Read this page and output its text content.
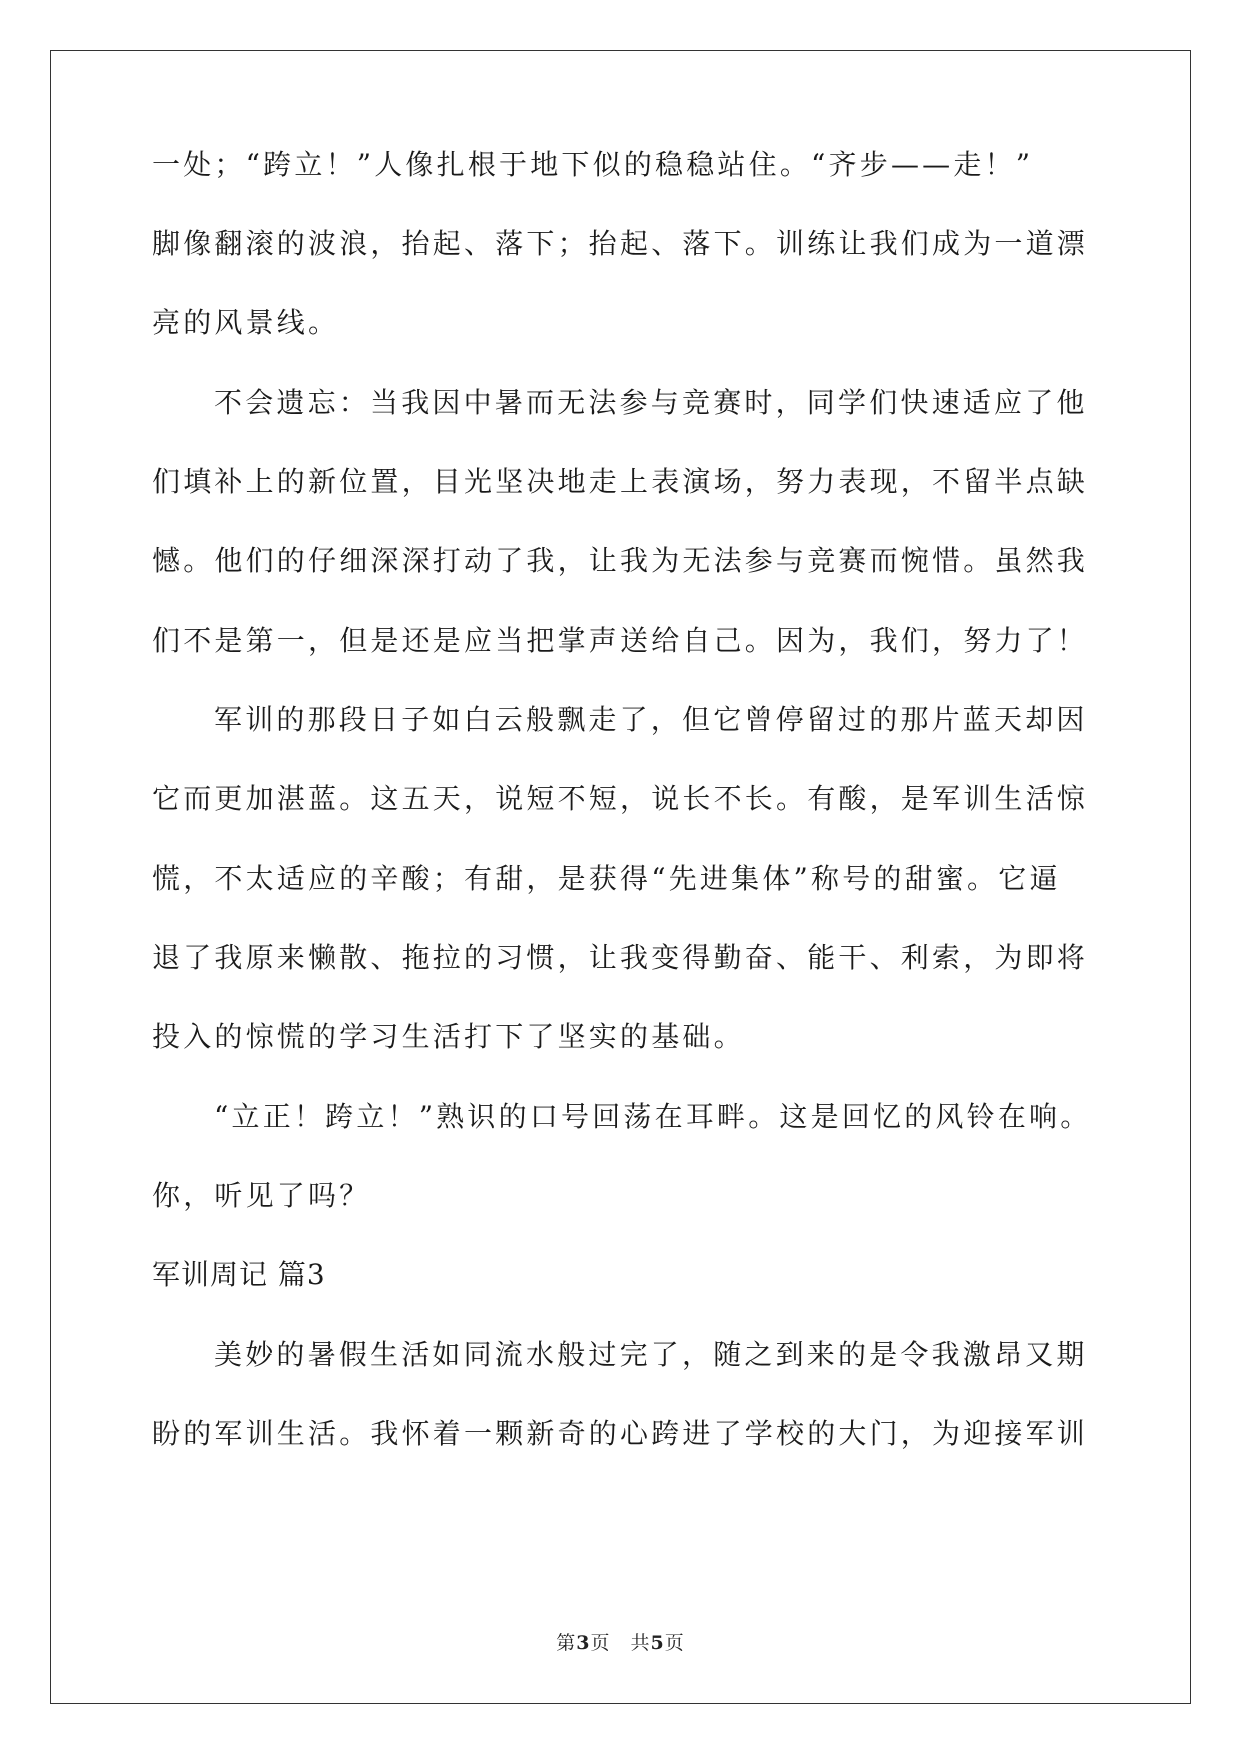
一处；“跨立！”人像扎根于地下似的稳稳站住。“齐步——走！”
脚像翻滚的波浪，抬起、落下；抬起、落下。训练让我们成为一道漂
亮的风景线。
不会遗忘：当我因中暑而无法参与竞赛时，同学们快速适应了他
们填补上的新位置，目光坚决地走上表演场，努力表现，不留半点缺
憾。他们的仔细深深打动了我，让我为无法参与竞赛而惋惜。虽然我
们不是第一，但是还是应当把掌声送给自己。因为，我们，努力了！
军训的那段日子如白云般飘走了，但它曾停留过的那片蓝天却因
它而更加湛蓝。这五天，说短不短，说长不长。有酸，是军训生活惊
慌，不太适应的辛酸；有甜，是获得“先进集体”称号的甜蜜。它逼
退了我原来懒散、拖拉的习惯，让我变得勤奋、能干、利索，为即将
投入的惊慌的学习生活打下了坚实的基础。
“立正！跨立！”熟识的口号回荡在耳畔。这是回忆的风铃在响。
你，听见了吗？
军训周记 篇3
美妙的暑假生活如同流水般过完了，随之到来的是令我激昂又期
盼的军训生活。我怀着一颗新奇的心跨进了学校的大门，为迎接军训
第3页　共5页
